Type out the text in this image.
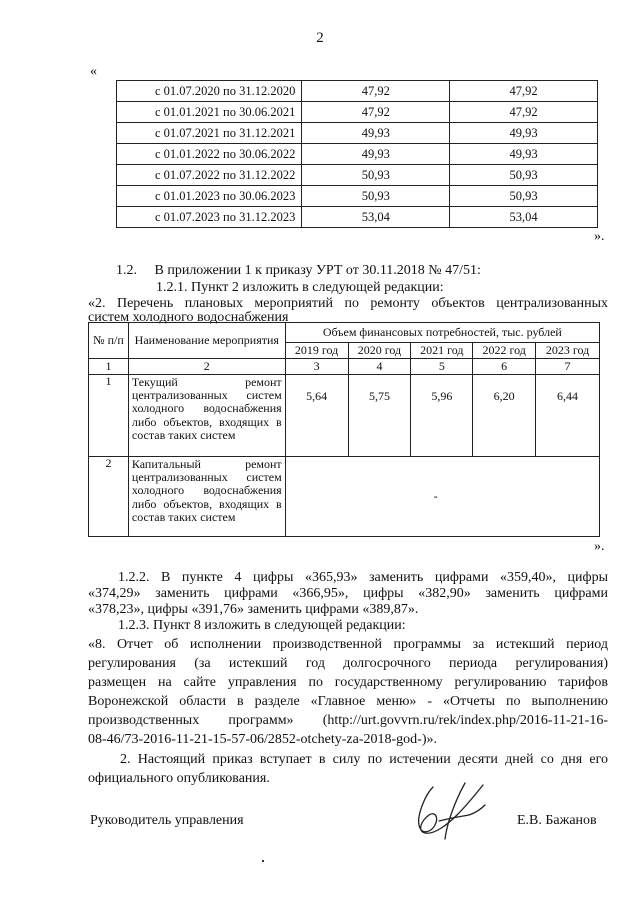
2
«
с 01.07.2020 по 31.12.2020	47,92	47,92
с 01.01.2021 по 30.06.2021	47,92	47,92
с 01.07.2021 по 31.12.2021	49,93	49,93
с 01.01.2022 по 30.06.2022	49,93	49,93
с 01.07.2022 по 31.12.2022	50,93	50,93
с 01.01.2023 по 30.06.2023	50,93	50,93
с 01.07.2023 по 31.12.2023	53,04	53,04
».
1.2.  В приложении 1 к приказу УРТ от 30.11.2018 № 47/51:
1.2.1. Пункт 2 изложить в следующей редакции:
«2. Перечень плановых мероприятий по ремонту объектов централизованных
систем холодного водоснабжения
№ п/п	Наименование мероприятия	Объем финансовых потребностей, тыс. рублей				
		2019 год	2020 год	2021 год	2022 год	2023 год
1	2	3	4	5	6	7
1	Текущий ремонт централизованных систем холодного водоснабжения либо объектов, входящих в состав таких систем	5,64	5,75	5,96	6,20	6,44
2	Капитальный ремонт централизованных систем холодного водоснабжения либо объектов, входящих в состав таких систем	-				
».
1.2.2. В пункте 4 цифры «365,93» заменить цифрами «359,40», цифры
«374,29» заменить цифрами «366,95», цифры «382,90» заменить цифрами
«378,23», цифры «391,76» заменить цифрами «389,87».
1.2.3. Пункт 8 изложить в следующей редакции:
«8. Отчет об исполнении производственной программы за истекший период
регулирования (за истекший год долгосрочного периода регулирования)
размещен на сайте управления по государственному регулированию тарифов
Воронежской области в разделе «Главное меню» - «Отчеты по выполнению
производственных программ» (http://urt.govvrn.ru/rek/index.php/2016-11-21-16-
08-46/73-2016-11-21-15-57-06/2852-otchety-za-2018-god-)».
2. Настоящий приказ вступает в силу по истечении десяти дней со дня его
официального опубликования.
Руководитель управления	Е.В. Бажанов
